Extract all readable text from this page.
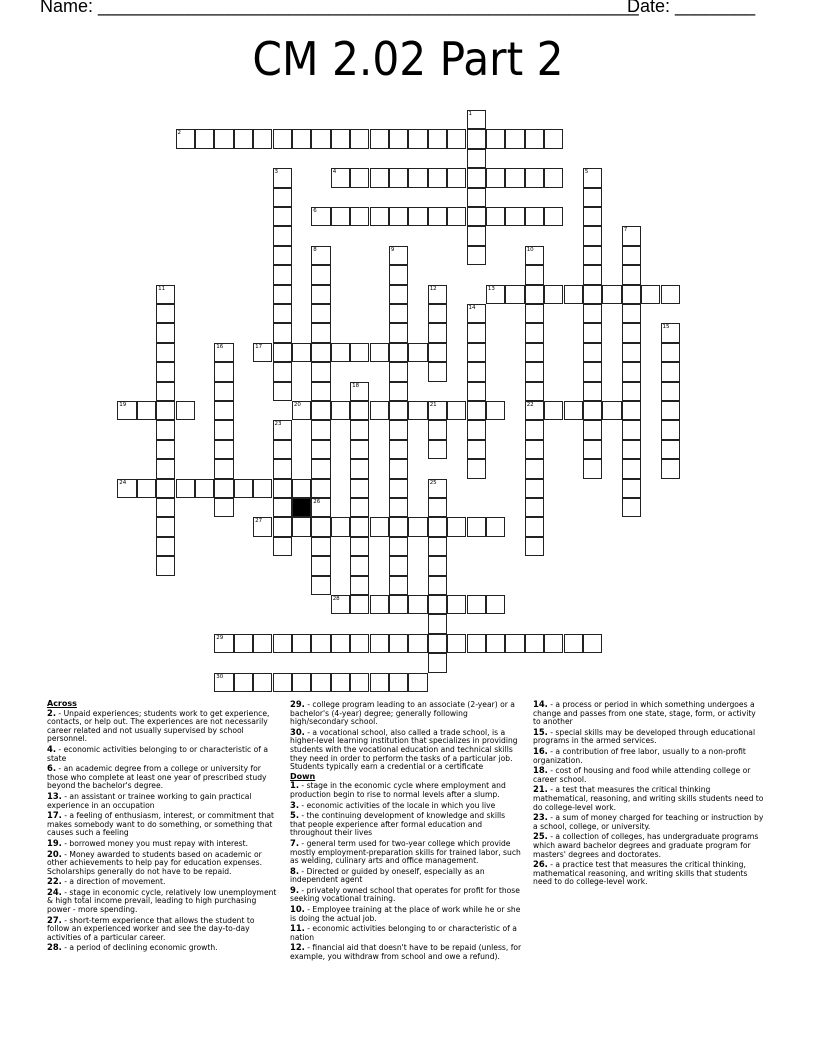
Name: ______________________________________________________
Date: ________
CM 2.02 Part 2
1
2
3	4	5
6
7
8	9	10
22
11	12	13
14
15
16	17
18
19	20	21
23
24	25
26
27
28
29
30
Across
2. - Unpaid experiences; students work to get experience, contacts, or help out. The experiences are not necessarily career related and not usually supervised by school personnel.
4. - economic activities belonging to or characteristic of a state
6. - an academic degree from a college or university for those who complete at least one year of prescribed study beyond the bachelor's degree.
13. - an assistant or trainee working to gain practical experience in an occupation
17. - a feeling of enthusiasm, interest, or commitment that makes somebody want to do something, or something that causes such a feeling
19. - borrowed money you must repay with interest.
20. - Money awarded to students based on academic or other achievements to help pay for education expenses. Scholarships generally do not have to be repaid.
22. - a direction of movement.
24. - stage in economic cycle, relatively low unemployment & high total income prevail, leading to high purchasing power - more spending.
27. - short-term experience that allows the student to follow an experienced worker and see the day-to-day activities of a particular career.
28. - a period of declining economic growth.
29. - college program leading to an associate (2-year) or a bachelor's (4-year) degree; generally following high/secondary school.
30. - a vocational school, also called a trade school, is a higher-level learning institution that specializes in providing students with the vocational education and technical skills they need in order to perform the tasks of a particular job. Students typically earn a credential or a certificate
Down
1. - stage in the economic cycle where employment and production begin to rise to normal levels after a slump.
3. - economic activities of the locale in which you live
5. - the continuing development of knowledge and skills that people experience after formal education and throughout their lives
7. - general term used for two-year college which provide mostly employment-preparation skills for trained labor, such as welding, culinary arts and office management.
8. - Directed or guided by oneself, especially as an independent agent
9. - privately owned school that operates for profit for those seeking vocational training.
10. - Employee training at the place of work while he or she is doing the actual job.
11. - economic activities belonging to or characteristic of a nation
12. - financial aid that doesn't have to be repaid (unless, for example, you withdraw from school and owe a refund).
14. - a process or period in which something undergoes a change and passes from one state, stage, form, or activity to another
15. - special skills may be developed through educational programs in the armed services.
16. - a contribution of free labor, usually to a non-profit organization.
18. - cost of housing and food while attending college or career school.
21. - a test that measures the critical thinking mathematical, reasoning, and writing skills students need to do college-level work.
23. - a sum of money charged for teaching or instruction by a school, college, or university.
25. - a collection of colleges, has undergraduate programs which award bachelor degrees and graduate program for masters' degrees and doctorates.
26. - a practice test that measures the critical thinking, mathematical reasoning, and writing skills that students need to do college-level work.
